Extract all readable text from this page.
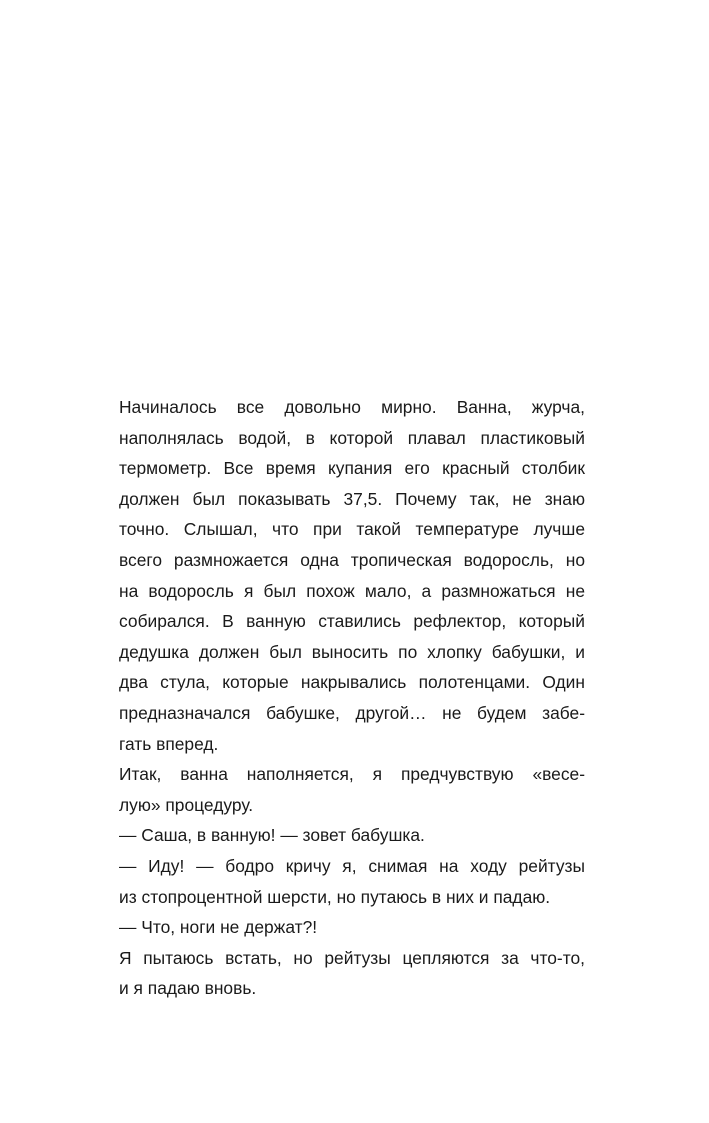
Начиналось все довольно мирно. Ванна, журча,
наполнялась водой, в которой плавал пластиковый
термометр. Все время купания его красный столбик
должен был показывать 37,5. Почему так, не знаю
точно. Слышал, что при такой температуре лучше
всего размножается одна тропическая водоросль, но
на водоросль я был похож мало, а размножаться не
собирался. В ванную ставились рефлектор, который
дедушка должен был выносить по хлопку бабушки, и
два стула, которые накрывались полотенцами. Один
предназначался бабушке, другой… не будем забе-
гать вперед.

Итак, ванна наполняется, я предчувствую «весе-
лую» процедуру.

— Саша, в ванную! — зовет бабушка.

— Иду! — бодро кричу я, снимая на ходу рейтузы
из стопроцентной шерсти, но путаюсь в них и падаю.

— Что, ноги не держат?!

Я пытаюсь встать, но рейтузы цепляются за что-то,
и я падаю вновь.
